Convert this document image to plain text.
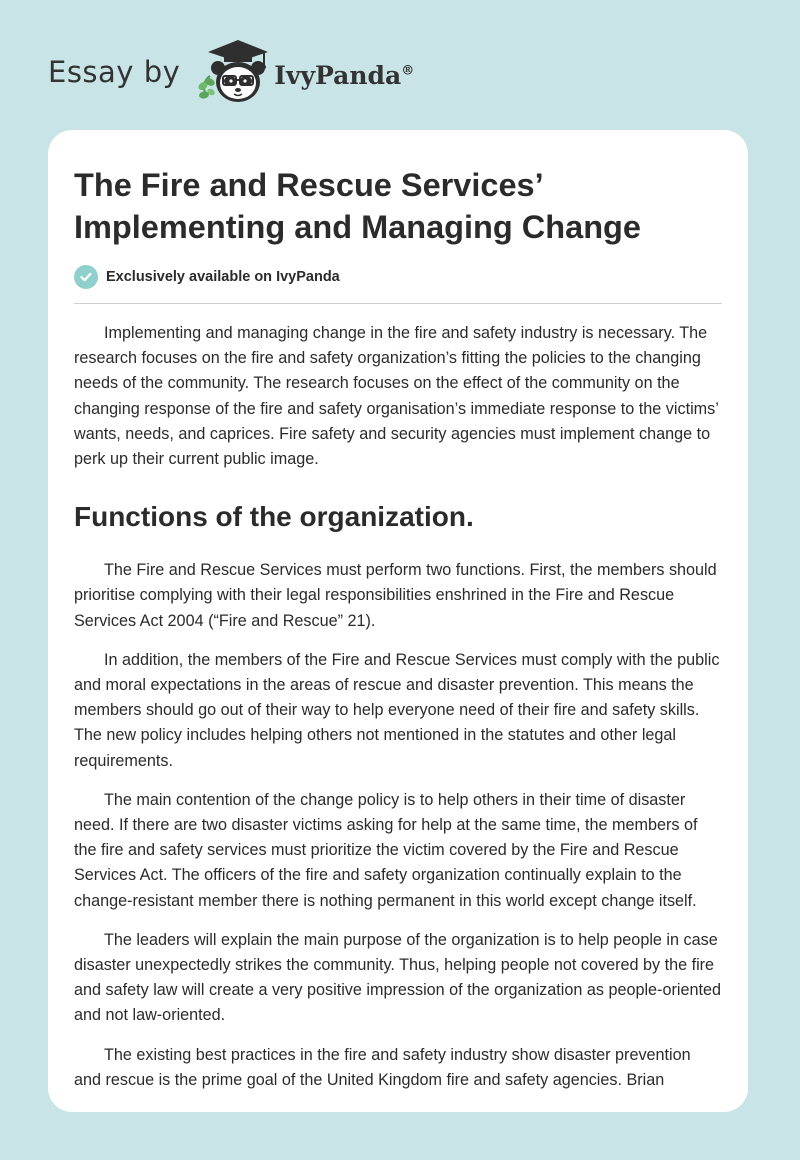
Essay by	IvyPanda®
The Fire and Rescue Services’ Implementing and Managing Change
Exclusively available on IvyPanda

Implementing and managing change in the fire and safety industry is necessary. The research focuses on the fire and safety organization’s fitting the policies to the changing needs of the community. The research focuses on the effect of the community on the changing response of the fire and safety organisation’s immediate response to the victims’ wants, needs, and caprices. Fire safety and security agencies must implement change to perk up their current public image.

Functions of the organization.

The Fire and Rescue Services must perform two functions. First, the members should prioritise complying with their legal responsibilities enshrined in the Fire and Rescue Services Act 2004 (“Fire and Rescue” 21).

In addition, the members of the Fire and Rescue Services must comply with the public and moral expectations in the areas of rescue and disaster prevention. This means the members should go out of their way to help everyone need of their fire and safety skills. The new policy includes helping others not mentioned in the statutes and other legal requirements.

The main contention of the change policy is to help others in their time of disaster need. If there are two disaster victims asking for help at the same time, the members of the fire and safety services must prioritize the victim covered by the Fire and Rescue Services Act. The officers of the fire and safety organization continually explain to the change-resistant member there is nothing permanent in this world except change itself.

The leaders will explain the main purpose of the organization is to help people in case disaster unexpectedly strikes the community. Thus, helping people not covered by the fire and safety law will create a very positive impression of the organization as people-oriented and not law-oriented.

The existing best practices in the fire and safety industry show disaster prevention and rescue is the prime goal of the United Kingdom fire and safety agencies. Brian
